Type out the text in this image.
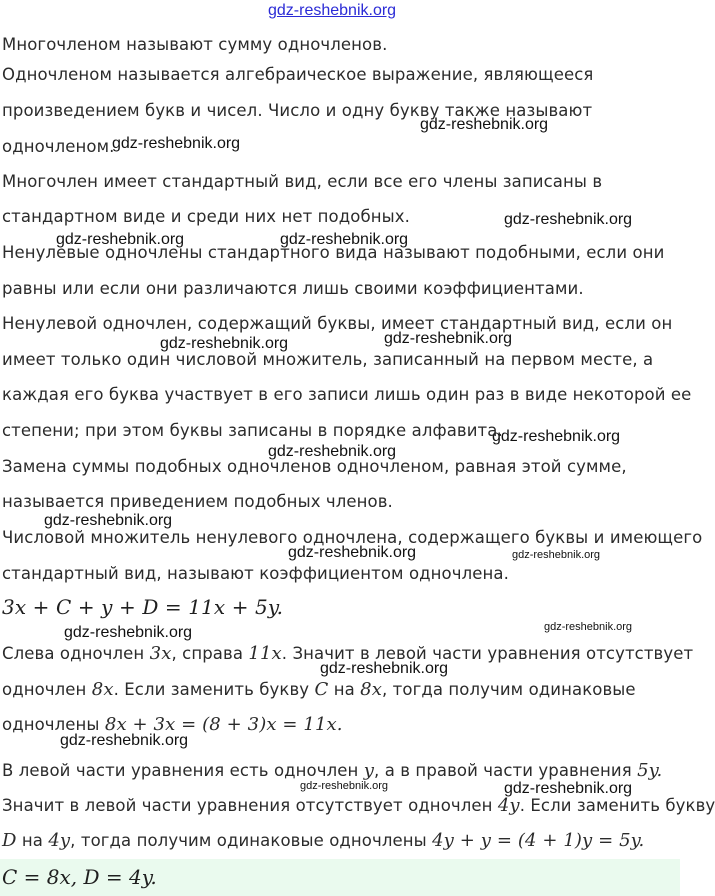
gdz-reshebnik.org
gdz-reshebnik.org
gdz-reshebnik.org
gdz-reshebnik.org
gdz-reshebnik.org	gdz-reshebnik.org
gdz-reshebnik.org
gdz-reshebnik.org
gdz-reshebnik.org
gdz-reshebnik.org
gdz-reshebnik.org
gdz-reshebnik.org	gdz-reshebnik.org
gdz-reshebnik.org
gdz-reshebnik.org
gdz-reshebnik.org
gdz-reshebnik.org
gdz-reshebnik.org	gdz-reshebnik.org

Многочленом называют сумму одночленов.

Одночленом называется алгебраическое выражение, являющееся

произведением букв и чисел. Число и одну букву также называют

одночленом.

Многочлен имеет стандартный вид, если все его члены записаны в

стандартном виде и среди них нет подобных.

Ненулевые одночлены стандартного вида называют подобными, если они

равны или если они различаются лишь своими коэффициентами.

Ненулевой одночлен, содержащий буквы, имеет стандартный вид, если он

имеет только один числовой множитель, записанный на первом месте, а

каждая его буква участвует в его записи лишь один раз в виде некоторой ее

степени; при этом буквы записаны в порядке алфавита.

Замена суммы подобных одночленов одночленом, равная этой сумме,

называется приведением подобных членов.

Числовой множитель ненулевого одночлена, содержащего буквы и имеющего

стандартный вид, называют коэффициентом одночлена.

3x + C + y + D = 11x + 5y.

Слева одночлен 3x, справа 11x. Значит в левой части уравнения отсутствует

одночлен 8x. Если заменить букву C на 8x, тогда получим одинаковые

одночлены 8x + 3x = (8 + 3)x = 11x.

В левой части уравнения есть одночлен y, а в правой части уравнения 5y.

Значит в левой части уравнения отсутствует одночлен 4y. Если заменить букву

D на 4y, тогда получим одинаковые одночлены 4y + y = (4 + 1)y = 5y.

C = 8x, D = 4y.
